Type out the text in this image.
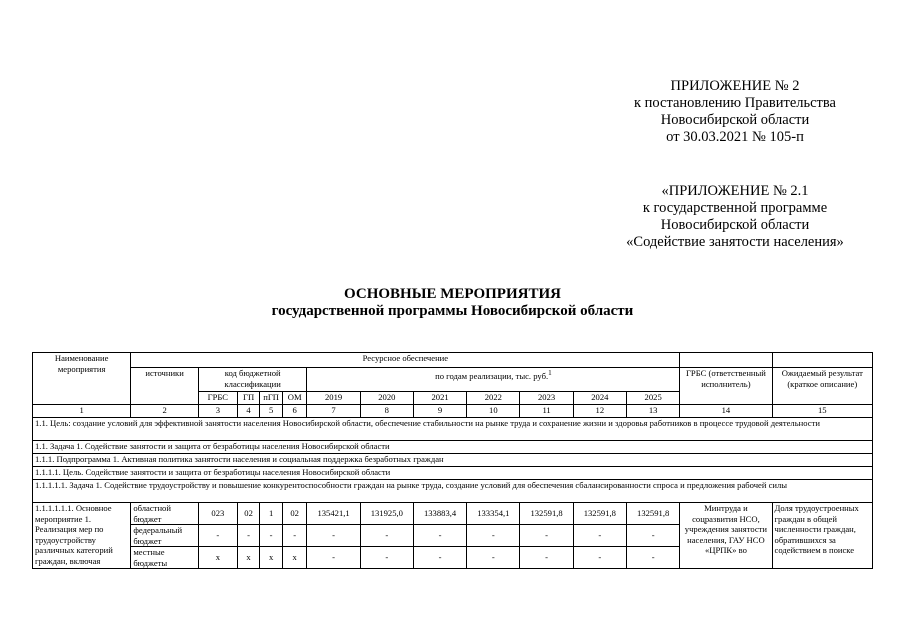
ПРИЛОЖЕНИЕ № 2
к постановлению Правительства
Новосибирской области
от 30.03.2021 № 105-п
«ПРИЛОЖЕНИЕ № 2.1
к государственной программе
Новосибирской области
«Содействие занятости населения»
ОСНОВНЫЕ МЕРОПРИЯТИЯ
государственной программы Новосибирской области
Наименование мероприятия	Ресурсное обеспечение													
	источники	код бюджетной классификации				по годам реализации, тыс. руб.$^1$							ГРБС (ответственный исполнитель)	Ожидаемый результат (краткое описание)
		ГРБС	ГП	пГП	ОМ	2019	2020	2021	2022	2023	2024	2025		
1	2	3	4	5	6	7	8	9	10	11	12	13	14	15
1.1. Цель: создание условий для эффективной занятости населения Новосибирской области, обеспечение стабильности на рынке труда и сохранение жизни и здоровья работников в процессе трудовой деятельности														
1.1. Задача 1. Содействие занятости и защита от безработицы населения Новосибирской области														
1.1.1. Подпрограмма 1. Активная политика занятости населения и социальная поддержка безработных граждан														
1.1.1.1. Цель. Содействие занятости и защита от безработицы населения Новосибирской области														
1.1.1.1.1. Задача 1. Содействие трудоустройству и повышение конкурентоспособности граждан на рынке труда, создание условий для обеспечения сбалансированности спроса и предложения рабочей силы														
1.1.1.1.1.1. Основное мероприятие 1. Реализация мер по трудоустройству различных категорий граждан, включая	областной бюджет	023	02	1	02	135421,1	131925,0	133883,4	133354,1	132591,8	132591,8	132591,8	Минтруда и соцразвития НСО, учреждения занятости населения, ГАУ НСО «ЦРПК» во	Доля трудоустроенных граждан в общей численности граждан, обратившихся за содействием в поиске
	федеральный бюджет	-	-	-	-	-	-	-	-	-	-	-		
	местные бюджеты	x	x	x	x	-	-	-	-	-	-	-		
